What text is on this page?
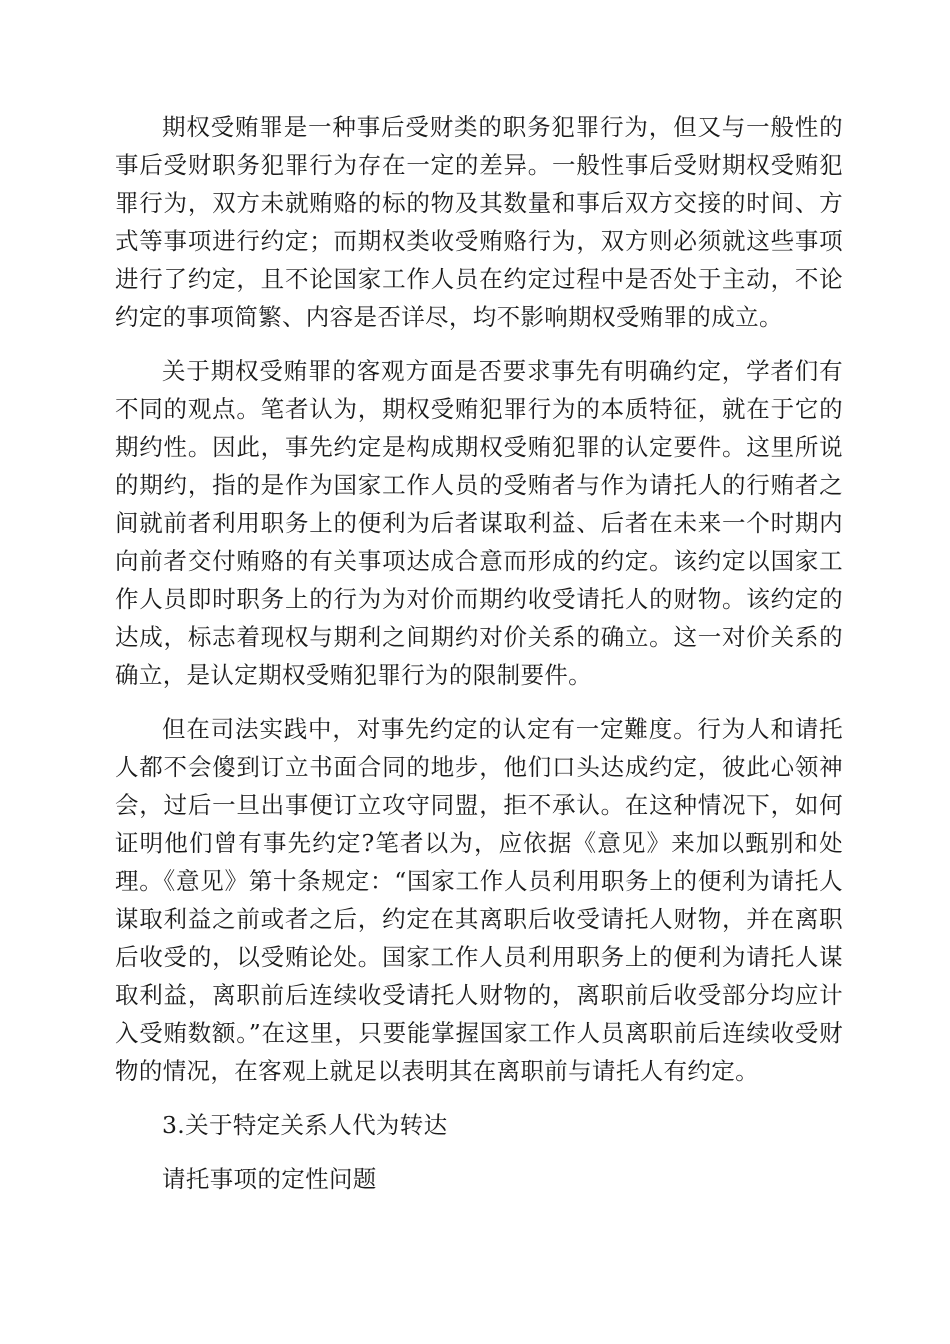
期权受贿罪是一种事后受财类的职务犯罪行为，但又与一般性的事后受财职务犯罪行为存在一定的差异。一般性事后受财期权受贿犯罪行为，双方未就贿赂的标的物及其数量和事后双方交接的时间、方式等事项进行约定；而期权类收受贿赂行为，双方则必须就这些事项进行了约定，且不论国家工作人员在约定过程中是否处于主动，不论约定的事项简繁、内容是否详尽，均不影响期权受贿罪的成立。

关于期权受贿罪的客观方面是否要求事先有明确约定，学者们有不同的观点。笔者认为，期权受贿犯罪行为的本质特征，就在于它的期约性。因此，事先约定是构成期权受贿犯罪的认定要件。这里所说的期约，指的是作为国家工作人员的受贿者与作为请托人的行贿者之间就前者利用职务上的便利为后者谋取利益、后者在未来一个时期内向前者交付贿赂的有关事项达成合意而形成的约定。该约定以国家工作人员即时职务上的行为为对价而期约收受请托人的财物。该约定的达成，标志着现权与期利之间期约对价关系的确立。这一对价关系的确立，是认定期权受贿犯罪行为的限制要件。

但在司法实践中，对事先约定的认定有一定難度。行为人和请托人都不会傻到订立书面合同的地步，他们口头达成约定，彼此心领神会，过后一旦出事便订立攻守同盟，拒不承认。在这种情况下，如何证明他们曾有事先约定?笔者以为，应依据《意见》来加以甄别和处理。《意见》第十条规定：“国家工作人员利用职务上的便利为请托人谋取利益之前或者之后，约定在其离职后收受请托人财物，并在离职后收受的，以受贿论处。国家工作人员利用职务上的便利为请托人谋取利益，离职前后连续收受请托人财物的，离职前后收受部分均应计入受贿数额。”在这里，只要能掌握国家工作人员离职前后连续收受财物的情况，在客观上就足以表明其在离职前与请托人有约定。

3.关于特定关系人代为转达

请托事项的定性问题
